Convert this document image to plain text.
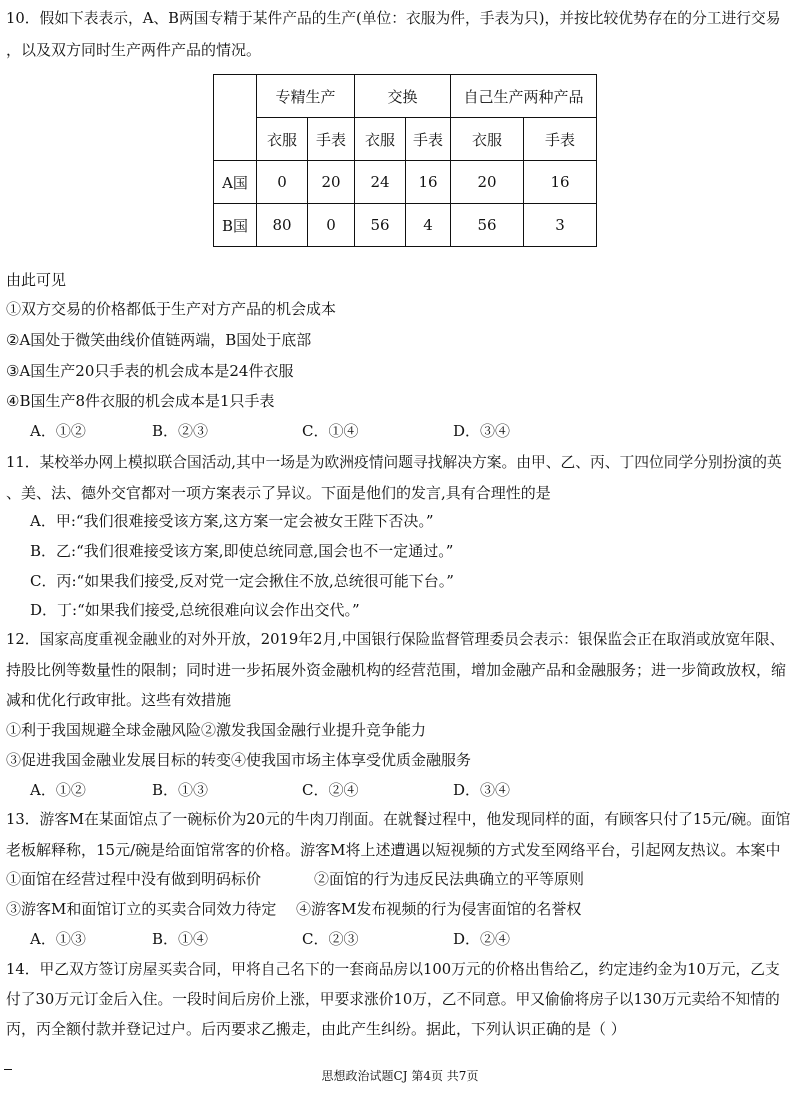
10．假如下表表示，A、B两国专精于某件产品的生产(单位：衣服为件，手表为只)，并按比较优势存在的分工进行交易
，以及双方同时生产两件产品的情况。
	专精生产		交换		自己生产两种产品	
	衣服	手表	衣服	手表	衣服	手表
A国	0	20	24	16	20	16
B国	80	0	56	4	56	3
由此可见
①双方交易的价格都低于生产对方产品的机会成本
②A国处于微笑曲线价值链两端，B国处于底部
③A国生产20只手表的机会成本是24件衣服
④B国生产8件衣服的机会成本是1只手表
A．①②	B．②③	C．①④	D．③④
11．某校举办网上模拟联合国活动,其中一场是为欧洲疫情问题寻找解决方案。由甲、乙、丙、丁四位同学分别扮演的英
、美、法、德外交官都对一项方案表示了异议。下面是他们的发言,具有合理性的是
A．甲:“我们很难接受该方案,这方案一定会被女王陛下否决。”
B．乙:“我们很难接受该方案,即使总统同意,国会也不一定通过。”
C．丙:“如果我们接受,反对党一定会揪住不放,总统很可能下台。”
D．丁:“如果我们接受,总统很难向议会作出交代。”
12．国家高度重视金融业的对外开放，2019年2月,中国银行保险监督管理委员会表示：银保监会正在取消或放宽年限、
持股比例等数量性的限制；同时进一步拓展外资金融机构的经营范围，增加金融产品和金融服务；进一步简政放权，缩
减和优化行政审批。这些有效措施
①利于我国规避全球金融风险②激发我国金融行业提升竞争能力
③促进我国金融业发展目标的转变④使我国市场主体享受优质金融服务
A．①②	B．①③	C．②④	D．③④
13．游客M在某面馆点了一碗标价为20元的牛肉刀削面。在就餐过程中，他发现同样的面，有顾客只付了15元/碗。面馆
老板解释称，15元/碗是给面馆常客的价格。游客M将上述遭遇以短视频的方式发至网络平台，引起网友热议。本案中
①面馆在经营过程中没有做到明码标价	②面馆的行为违反民法典确立的平等原则
③游客M和面馆订立的买卖合同效力待定 ④游客M发布视频的行为侵害面馆的名誉权
A．①③	B．①④	C．②③	D．②④
14．甲乙双方签订房屋买卖合同，甲将自己名下的一套商品房以100万元的价格出售给乙，约定违约金为10万元，乙支
付了30万元订金后入住。一段时间后房价上涨，甲要求涨价10万，乙不同意。甲又偷偷将房子以130万元卖给不知情的
丙，丙全额付款并登记过户。后丙要求乙搬走，由此产生纠纷。据此，下列认识正确的是（ ）
思想政治试题CJ 第4页 共7页
